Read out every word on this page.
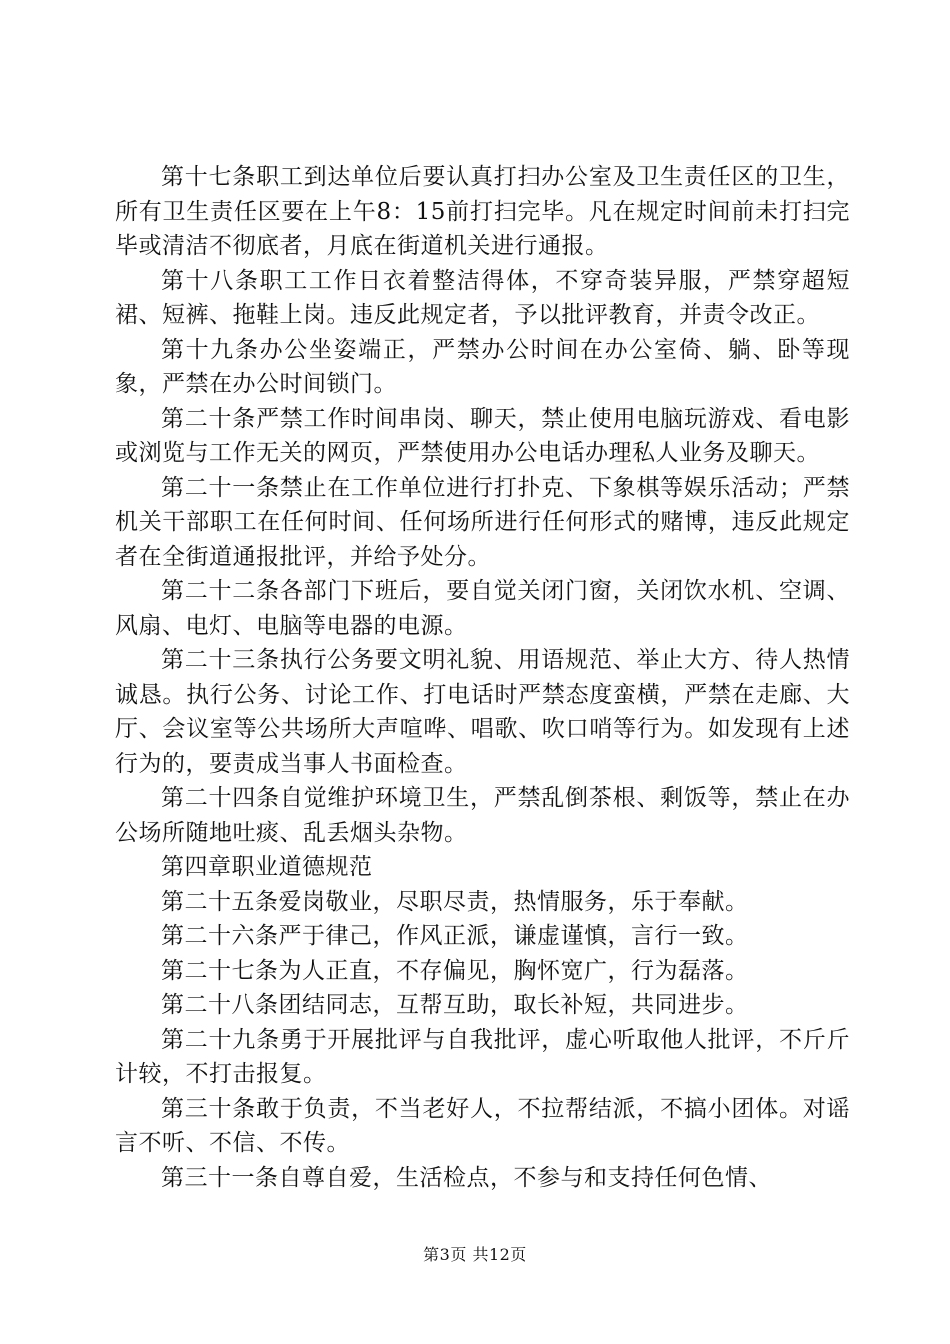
第十七条职工到达单位后要认真打扫办公室及卫生责任区的卫生，所有卫生责任区要在上午8：15前打扫完毕。凡在规定时间前未打扫完毕或清洁不彻底者，月底在街道机关进行通报。

第十八条职工工作日衣着整洁得体，不穿奇装异服，严禁穿超短裙、短裤、拖鞋上岗。违反此规定者，予以批评教育，并责令改正。

第十九条办公坐姿端正，严禁办公时间在办公室倚、躺、卧等现象，严禁在办公时间锁门。

第二十条严禁工作时间串岗、聊天，禁止使用电脑玩游戏、看电影或浏览与工作无关的网页，严禁使用办公电话办理私人业务及聊天。

第二十一条禁止在工作单位进行打扑克、下象棋等娱乐活动；严禁机关干部职工在任何时间、任何场所进行任何形式的赌博，违反此规定者在全街道通报批评，并给予处分。

第二十二条各部门下班后，要自觉关闭门窗，关闭饮水机、空调、风扇、电灯、电脑等电器的电源。

第二十三条执行公务要文明礼貌、用语规范、举止大方、待人热情诚恳。执行公务、讨论工作、打电话时严禁态度蛮横，严禁在走廊、大厅、会议室等公共场所大声喧哗、唱歌、吹口哨等行为。如发现有上述行为的，要责成当事人书面检查。

第二十四条自觉维护环境卫生，严禁乱倒茶根、剩饭等，禁止在办公场所随地吐痰、乱丢烟头杂物。

第四章职业道德规范

第二十五条爱岗敬业，尽职尽责，热情服务，乐于奉献。

第二十六条严于律己，作风正派，谦虚谨慎，言行一致。

第二十七条为人正直，不存偏见，胸怀宽广，行为磊落。

第二十八条团结同志，互帮互助，取长补短，共同进步。

第二十九条勇于开展批评与自我批评，虚心听取他人批评，不斤斤计较，不打击报复。

第三十条敢于负责，不当老好人，不拉帮结派，不搞小团体。对谣言不听、不信、不传。

第三十一条自尊自爱，生活检点，不参与和支持任何色情、

第3页 共12页
